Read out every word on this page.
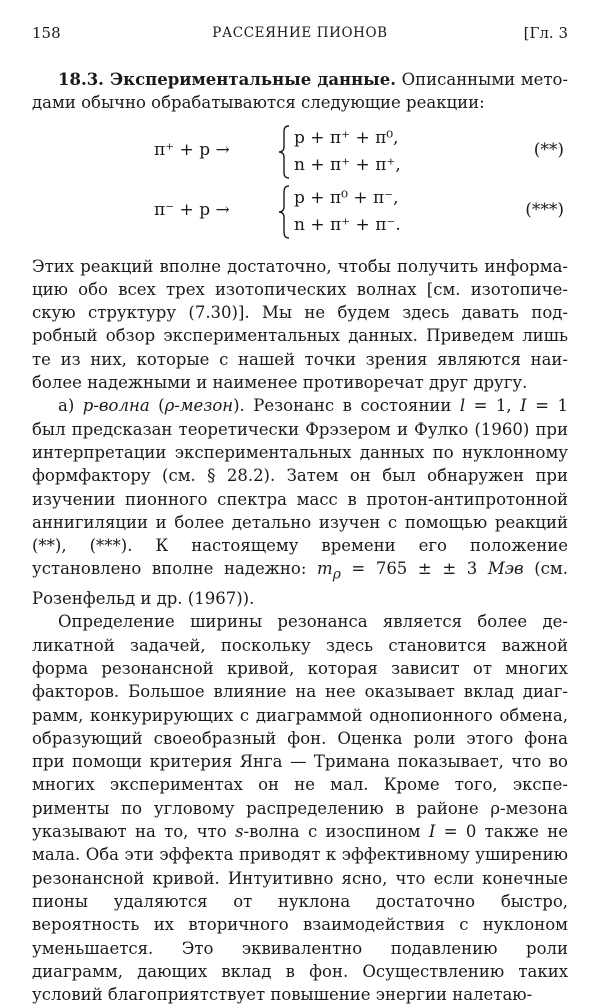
158	РАССЕЯНИЕ ПИОНОВ	[Гл. 3

18.3. Экспериментальные данные. Описанными методами обычно обрабатываются следующие реакции:

π⁺ + p →
p + π⁺ + π⁰,
n + π⁺ + π⁺,
(**)
π⁻ + p →
p + π⁰ + π⁻,
n + π⁺ + π⁻.
(***)

Этих реакций вполне достаточно, чтобы получить информацию обо всех трех изотопических волнах [см. изотопическую структуру (7.30)]. Мы не будем здесь давать подробный обзор экспериментальных данных. Приведем лишь те из них, которые с нашей точки зрения являются наиболее надежными и наименее противоречат друг другу.

а) p-волна (ρ-мезон). Резонанс в состоянии l = 1, I = 1 был предсказан теоретически Фрэзером и Фулко (1960) при интерпретации экспериментальных данных по нуклонному формфактору (см. § 28.2). Затем он был обнаружен при изучении пионного спектра масс в протон-антипротонной аннигиляции и более детально изучен с помощью реакций (**), (***). К настоящему времени его положение установлено вполне надежно: $m_\rho = 765$ ± ± 3 Мэв (см. Розенфельд и др. (1967)).

Определение ширины резонанса является более деликатной задачей, поскольку здесь становится важной форма резонансной кривой, которая зависит от многих факторов. Большое влияние на нее оказывает вклад диаграмм, конкурирующих с диаграммой однопионного обмена, образующий своеобразный фон. Оценка роли этого фона при помощи критерия Янга — Тримана показывает, что во многих экспериментах он не мал. Кроме того, эксперименты по угловому распределению в районе ρ-мезона указывают на то, что s-волна с изоспином I = 0 также не мала. Оба эти эффекта приводят к эффективному уширению резонансной кривой. Интуитивно ясно, что если конечные пионы удаляются от нуклона достаточно быстро, вероятность их вторичного взаимодействия с нуклоном уменьшается. Это эквивалентно подавлению роли диаграмм, дающих вклад в фон. Осуществлению таких условий благоприятствует повышение энергии налетаю-
